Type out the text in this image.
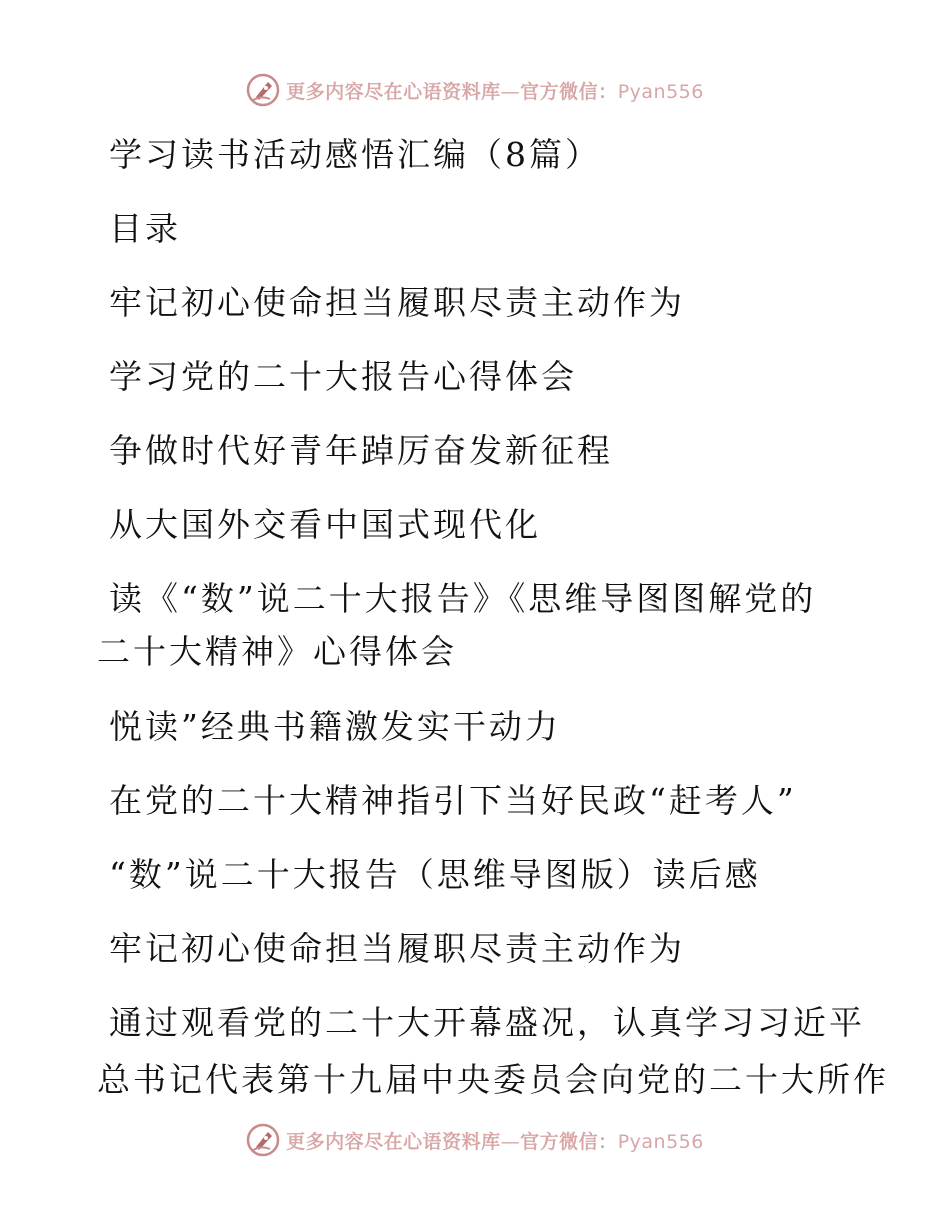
更多内容尽在心语资料库—官方微信：Pyan556
学习读书活动感悟汇编（8篇）
目录
牢记初心使命担当履职尽责主动作为
学习党的二十大报告心得体会
争做时代好青年踔厉奋发新征程
从大国外交看中国式现代化
读《“数”说二十大报告》《思维导图图解党的
二十大精神》心得体会
悦读”经典书籍激发实干动力
在党的二十大精神指引下当好民政“赶考人”
“数”说二十大报告（思维导图版）读后感
牢记初心使命担当履职尽责主动作为
通过观看党的二十大开幕盛况，认真学习习近平
总书记代表第十九届中央委员会向党的二十大所作
更多内容尽在心语资料库—官方微信：Pyan556
